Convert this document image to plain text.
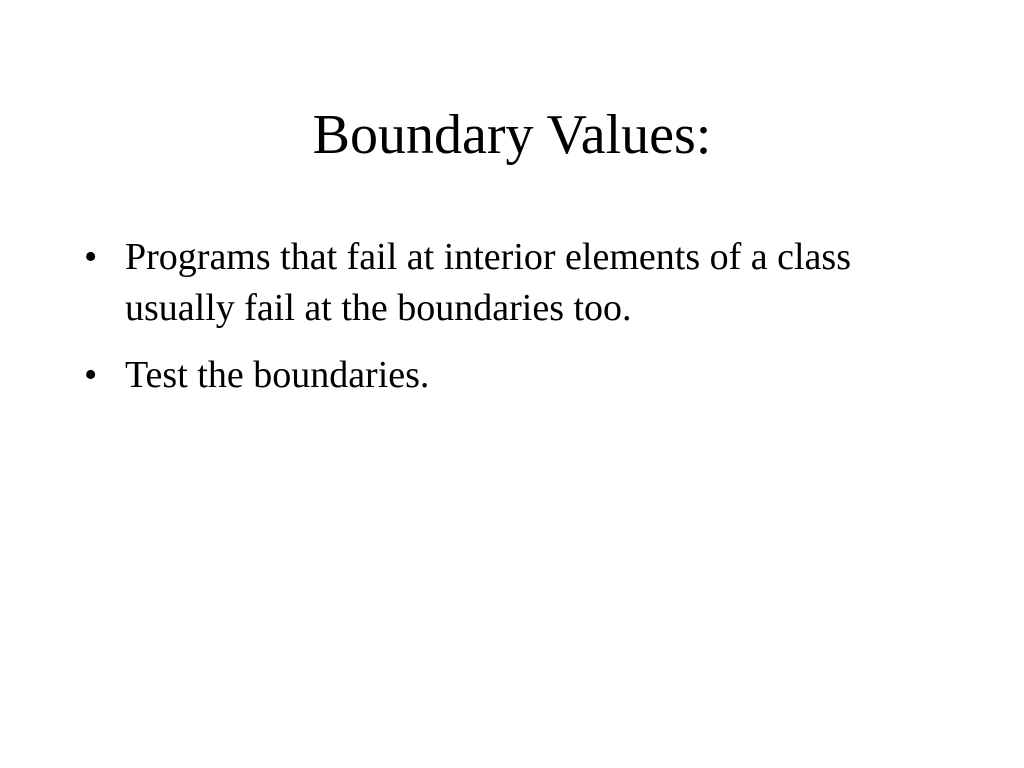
Boundary Values:
• Programs that fail at interior elements of a class usually fail at the boundaries too.
• Test the boundaries.
